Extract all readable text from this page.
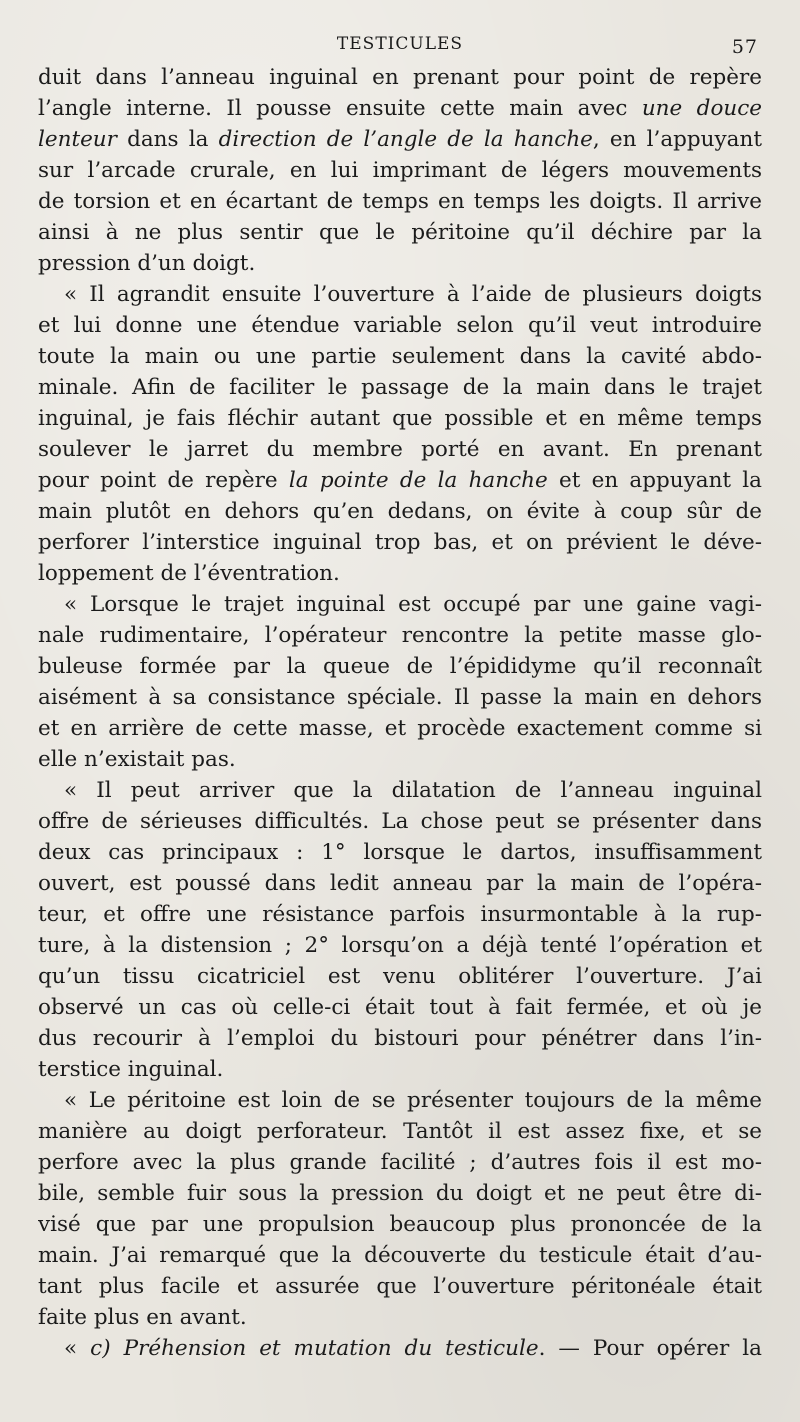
TESTICULES	57
duit dans l’anneau inguinal en prenant pour point de repère
l’angle interne. Il pousse ensuite cette main avec une douce
lenteur dans la direction de l’angle de la hanche, en l’appuyant
sur l’arcade crurale, en lui imprimant de légers mouvements
de torsion et en écartant de temps en temps les doigts. Il arrive
ainsi à ne plus sentir que le péritoine qu’il déchire par la
pression d’un doigt.
« Il agrandit ensuite l’ouverture à l’aide de plusieurs doigts
et lui donne une étendue variable selon qu’il veut introduire
toute la main ou une partie seulement dans la cavité abdo-
minale. Afin de faciliter le passage de la main dans le trajet
inguinal, je fais fléchir autant que possible et en même temps
soulever le jarret du membre porté en avant. En prenant
pour point de repère la pointe de la hanche et en appuyant la
main plutôt en dehors qu’en dedans, on évite à coup sûr de
perforer l’interstice inguinal trop bas, et on prévient le déve-
loppement de l’éventration.
« Lorsque le trajet inguinal est occupé par une gaine vagi-
nale rudimentaire, l’opérateur rencontre la petite masse glo-
buleuse formée par la queue de l’épididyme qu’il reconnaît
aisément à sa consistance spéciale. Il passe la main en dehors
et en arrière de cette masse, et procède exactement comme si
elle n’existait pas.
« Il peut arriver que la dilatation de l’anneau inguinal
offre de sérieuses difficultés. La chose peut se présenter dans
deux cas principaux : 1° lorsque le dartos, insuffisamment
ouvert, est poussé dans ledit anneau par la main de l’opéra-
teur, et offre une résistance parfois insurmontable à la rup-
ture, à la distension ; 2° lorsqu’on a déjà tenté l’opération et
qu’un tissu cicatriciel est venu oblitérer l’ouverture. J’ai
observé un cas où celle-ci était tout à fait fermée, et où je
dus recourir à l’emploi du bistouri pour pénétrer dans l’in-
terstice inguinal.
« Le péritoine est loin de se présenter toujours de la même
manière au doigt perforateur. Tantôt il est assez fixe, et se
perfore avec la plus grande facilité ; d’autres fois il est mo-
bile, semble fuir sous la pression du doigt et ne peut être di-
visé que par une propulsion beaucoup plus prononcée de la
main. J’ai remarqué que la découverte du testicule était d’au-
tant plus facile et assurée que l’ouverture péritonéale était
faite plus en avant.
« c) Préhension et mutation du testicule. — Pour opérer la
